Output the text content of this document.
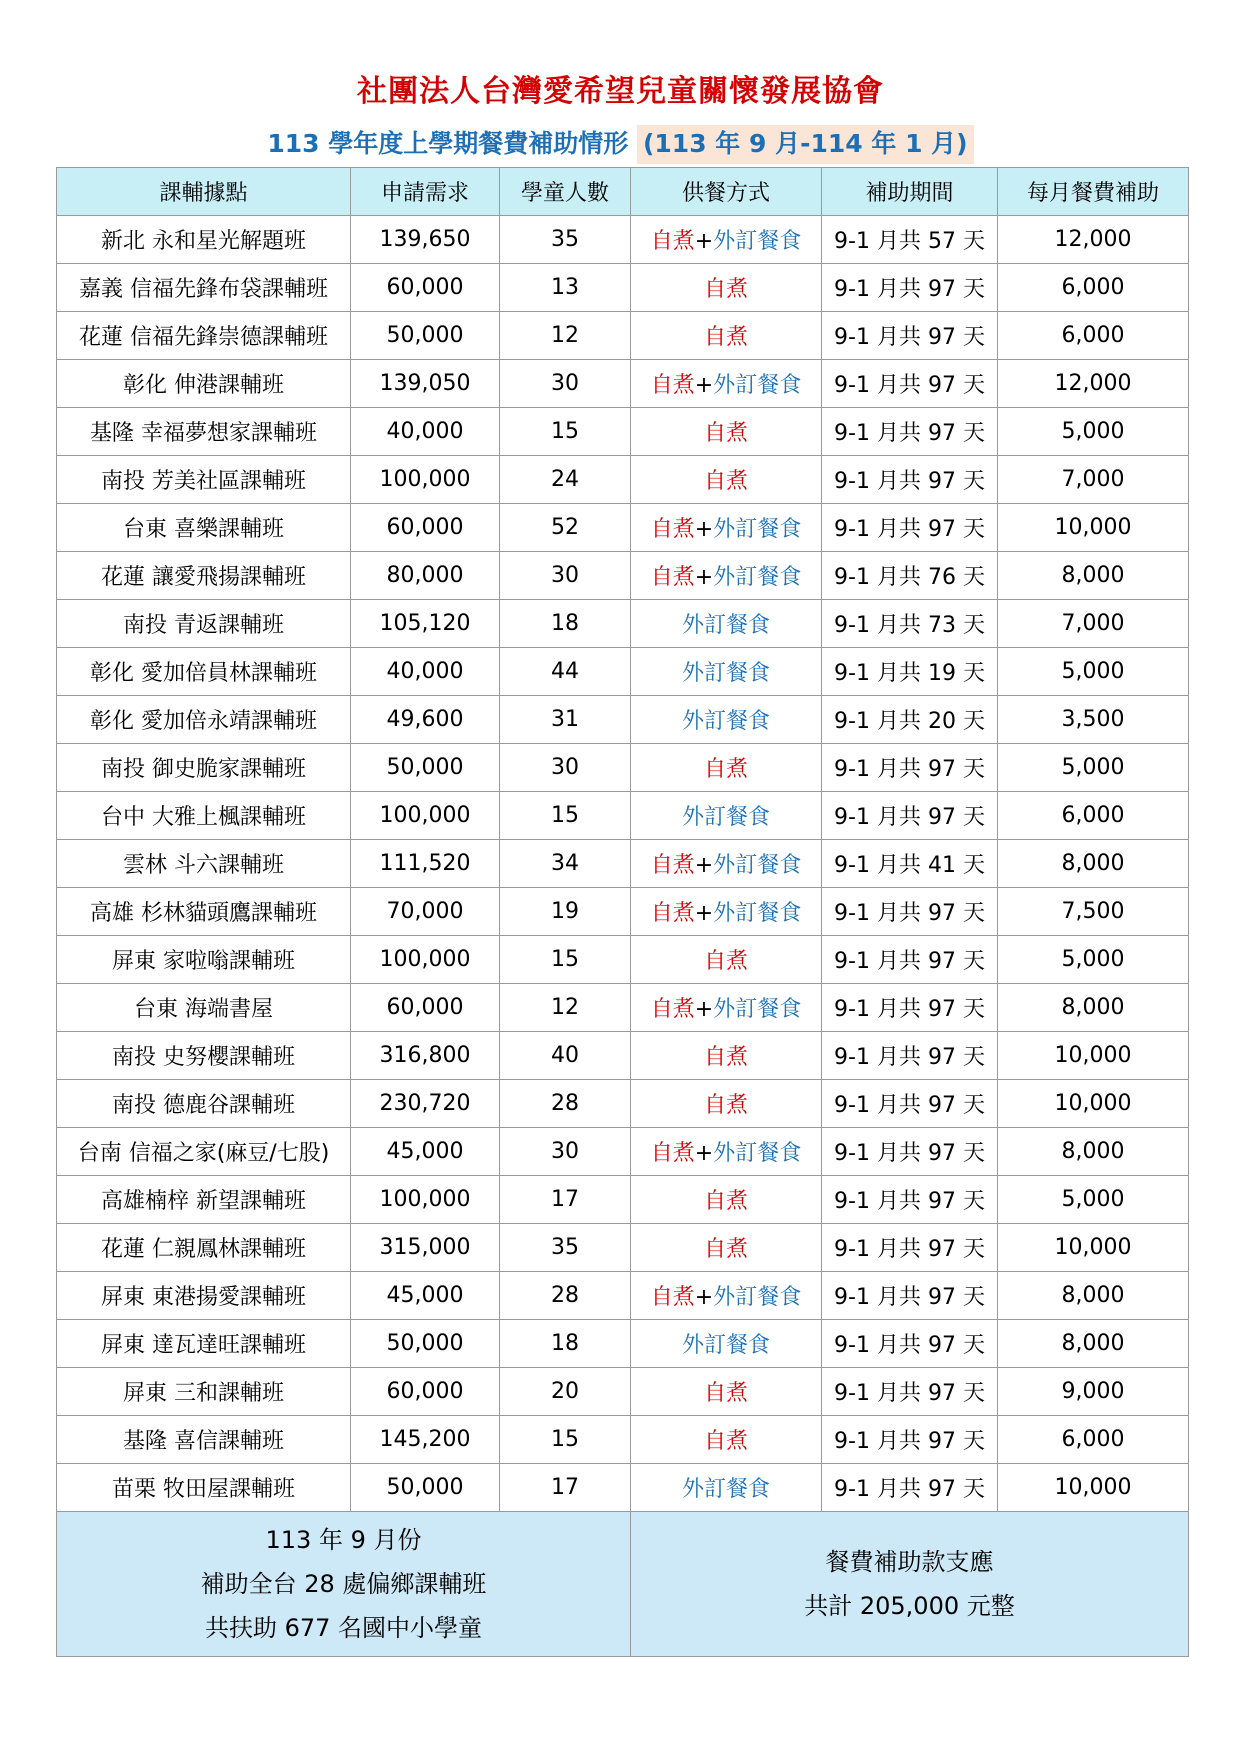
社團法人台灣愛希望兒童關懷發展協會
113 學年度上學期餐費補助情形 (113 年 9 月-114 年 1 月)
課輔據點	申請需求	學童人數	供餐方式	補助期間	每月餐費補助
新北 永和星光解題班	139,650	35	自煮+外訂餐食	9-1 月共 57 天	12,000
嘉義 信福先鋒布袋課輔班	60,000	13	自煮	9-1 月共 97 天	6,000
花蓮 信福先鋒崇德課輔班	50,000	12	自煮	9-1 月共 97 天	6,000
彰化 伸港課輔班	139,050	30	自煮+外訂餐食	9-1 月共 97 天	12,000
基隆 幸福夢想家課輔班	40,000	15	自煮	9-1 月共 97 天	5,000
南投 芳美社區課輔班	100,000	24	自煮	9-1 月共 97 天	7,000
台東 喜樂課輔班	60,000	52	自煮+外訂餐食	9-1 月共 97 天	10,000
花蓮 讓愛飛揚課輔班	80,000	30	自煮+外訂餐食	9-1 月共 76 天	8,000
南投 青返課輔班	105,120	18	外訂餐食	9-1 月共 73 天	7,000
彰化 愛加倍員林課輔班	40,000	44	外訂餐食	9-1 月共 19 天	5,000
彰化 愛加倍永靖課輔班	49,600	31	外訂餐食	9-1 月共 20 天	3,500
南投 御史脆家課輔班	50,000	30	自煮	9-1 月共 97 天	5,000
台中 大雅上楓課輔班	100,000	15	外訂餐食	9-1 月共 97 天	6,000
雲林 斗六課輔班	111,520	34	自煮+外訂餐食	9-1 月共 41 天	8,000
高雄 杉林貓頭鷹課輔班	70,000	19	自煮+外訂餐食	9-1 月共 97 天	7,500
屏東 家啦嗡課輔班	100,000	15	自煮	9-1 月共 97 天	5,000
台東 海端書屋	60,000	12	自煮+外訂餐食	9-1 月共 97 天	8,000
南投 史努櫻課輔班	316,800	40	自煮	9-1 月共 97 天	10,000
南投 德鹿谷課輔班	230,720	28	自煮	9-1 月共 97 天	10,000
台南 信福之家(麻豆/七股)	45,000	30	自煮+外訂餐食	9-1 月共 97 天	8,000
高雄楠梓 新望課輔班	100,000	17	自煮	9-1 月共 97 天	5,000
花蓮 仁親鳳林課輔班	315,000	35	自煮	9-1 月共 97 天	10,000
屏東 東港揚愛課輔班	45,000	28	自煮+外訂餐食	9-1 月共 97 天	8,000
屏東 達瓦達旺課輔班	50,000	18	外訂餐食	9-1 月共 97 天	8,000
屏東 三和課輔班	60,000	20	自煮	9-1 月共 97 天	9,000
基隆 喜信課輔班	145,200	15	自煮	9-1 月共 97 天	6,000
苗栗 牧田屋課輔班	50,000	17	外訂餐食	9-1 月共 97 天	10,000

113 年 9 月份
補助全台 28 處偏鄉課輔班
共扶助 677 名國中小學童			餐費補助款支應
共計 205,000 元整		
